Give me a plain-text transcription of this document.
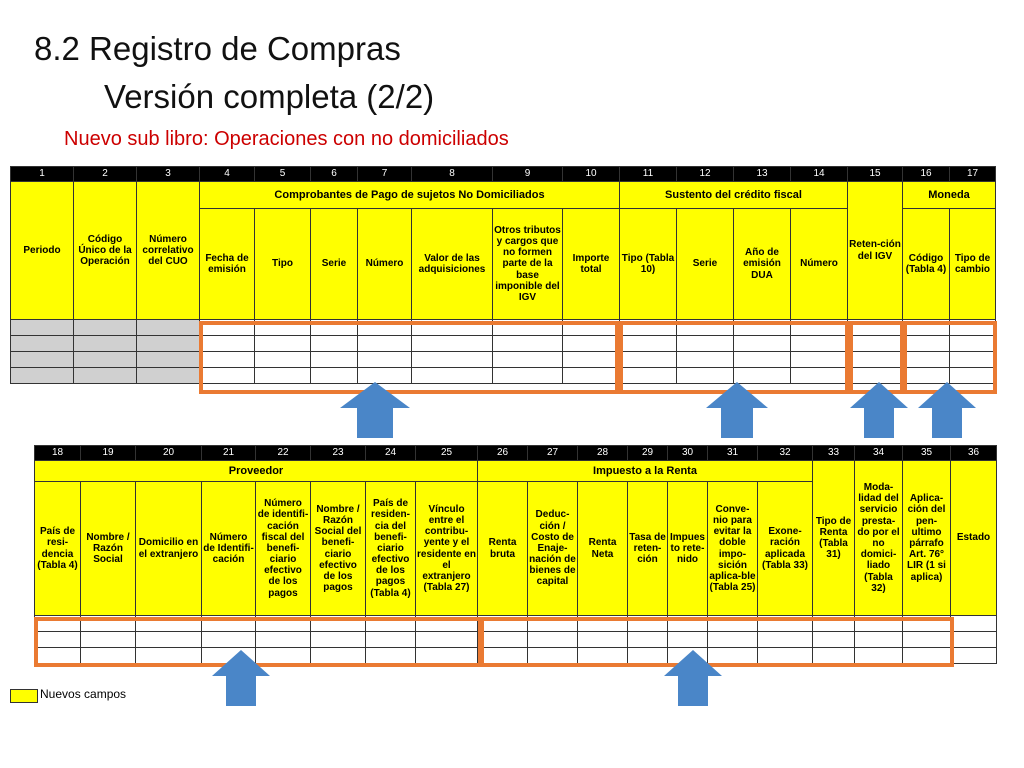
8.2 Registro de Compras
Versión completa (2/2)
Nuevo sub libro: Operaciones con no domiciliados
1	2	3	4	5	6	7	8	9	10	11	12	13	14	15	16	17
Periodo	Código Único de la Operación	Número correlativo del CUO	Comprobantes de Pago de sujetos No Domiciliados							Sustento del crédito fiscal				Reten-ción del IGV	Moneda	
			Fecha de emisión	Tipo	Serie	Número	Valor de las adquisiciones	Otros tributos y cargos que no formen parte de la base imponible del IGV	Importe total	Tipo (Tabla 10)	Serie	Año de emisión DUA	Número		Código (Tabla 4)	Tipo de cambio

18	19	20	21	22	23	24	25	26	27	28	29	30	31	32	33	34	35	36
Proveedor								Impuesto a la Renta							Tipo de Renta (Tabla 31)	Moda-lidad del servicio presta-do por el no domici-liado (Tabla 32)	Aplica-ción del pen-ultimo párrafo Art. 76° LIR (1 si aplica)	Estado
País de resi-dencia (Tabla 4)	Nombre / Razón Social	Domicilio en el extranjero	Número de Identifi-cación	Número de identifi-cación fiscal del benefi-ciario efectivo de los pagos	Nombre / Razón Social del benefi-ciario efectivo de los pagos	País de residen-cia del benefi-ciario efectivo de los pagos (Tabla 4)	Vínculo entre el contribu-yente y el residente en el extranjero (Tabla 27)	Renta bruta	Deduc-ción / Costo de Enaje-nación de bienes de capital	Renta Neta	Tasa de reten-ción	Impues to rete-nido	Conve-nio para evitar la doble impo-sición aplica-ble (Tabla 25)	Exone-ración aplicada (Tabla 33)				

Nuevos campos
